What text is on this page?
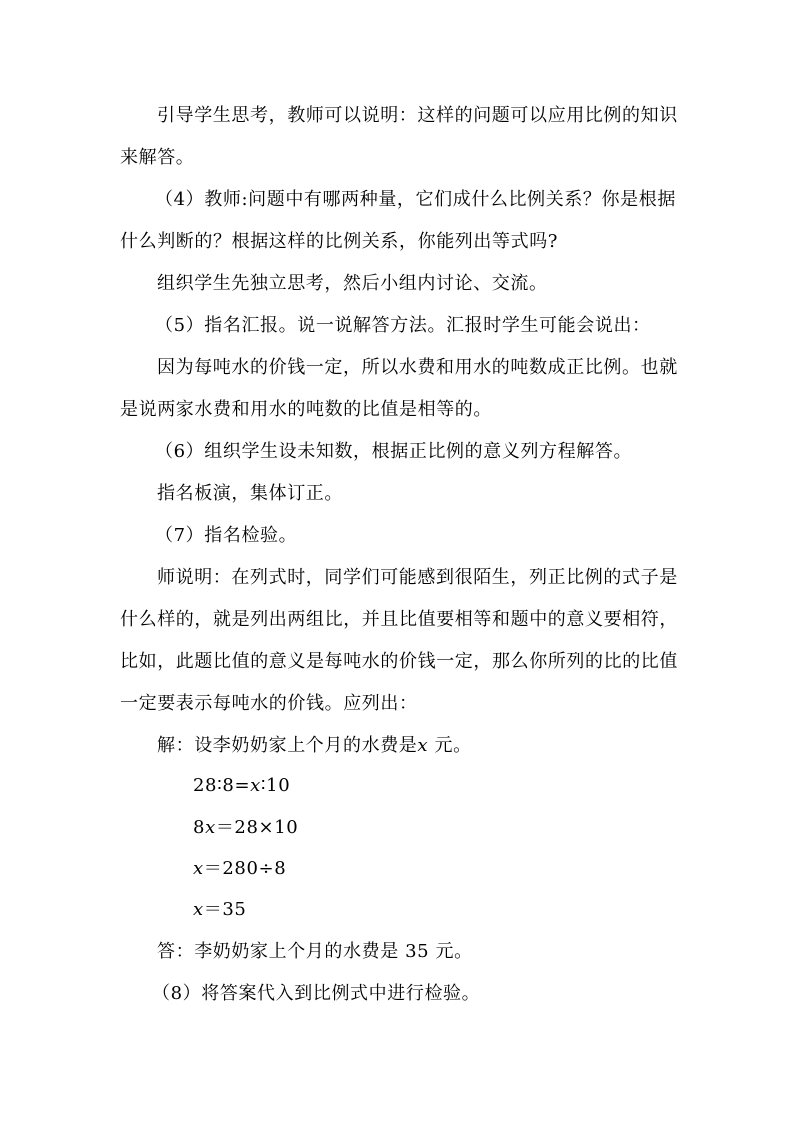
引导学生思考，教师可以说明：这样的问题可以应用比例的知识
来解答。
（4）教师:问题中有哪两种量，它们成什么比例关系？你是根据
什么判断的？根据这样的比例关系，你能列出等式吗?
组织学生先独立思考，然后小组内讨论、交流。
（5）指名汇报。说一说解答方法。汇报时学生可能会说出：
因为每吨水的价钱一定，所以水费和用水的吨数成正比例。也就
是说两家水费和用水的吨数的比值是相等的。
（6）组织学生设未知数，根据正比例的意义列方程解答。
指名板演，集体订正。
（7）指名检验。
师说明：在列式时，同学们可能感到很陌生，列正比例的式子是
什么样的，就是列出两组比，并且比值要相等和题中的意义要相符，
比如，此题比值的意义是每吨水的价钱一定，那么你所列的比的比值
一定要表示每吨水的价钱。应列出：
解：设李奶奶家上个月的水费是x 元。
28∶8=x∶10
8x＝28×10
x＝280÷8
x＝35
答：李奶奶家上个月的水费是 35 元。
（8）将答案代入到比例式中进行检验。
